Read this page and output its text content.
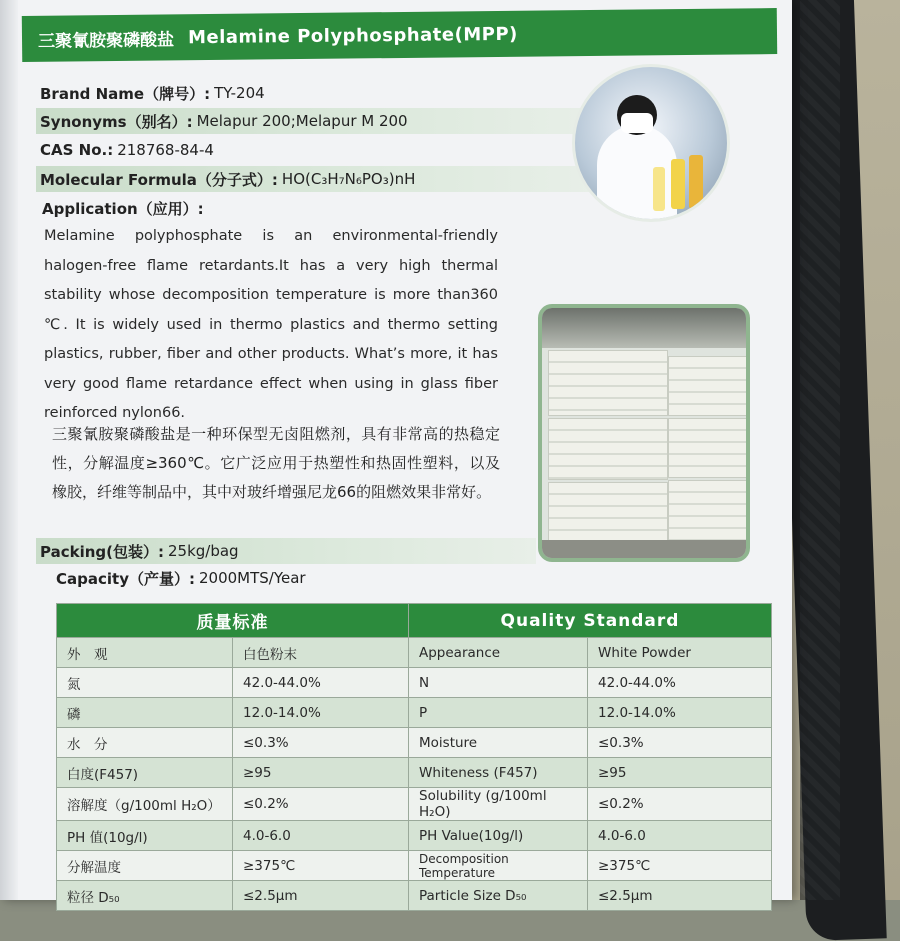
三聚氰胺聚磷酸盐 Melamine Polyphosphate(MPP)
Brand Name（牌号）: TY-204
Synonyms（别名）: Melapur 200;Melapur M 200
CAS No.: 218768-84-4
Molecular Formula（分子式）: HO(C₃H₇N₆PO₃)nH
Application（应用）:
Melamine polyphosphate is an environmental-friendly halogen-free flame retardants.It has a very high thermal stability whose decomposition temperature is more than360 ℃. It is widely used in thermo plastics and thermo setting plastics, rubber, fiber and other products. What’s more, it has very good flame retardance effect when using in glass fiber reinforced nylon66.
三聚氰胺聚磷酸盐是一种环保型无卤阻燃剂，具有非常高的热稳定性，分解温度≥360℃。它广泛应用于热塑性和热固性塑料，以及橡胶，纤维等制品中，其中对玻纤增强尼龙66的阻燃效果非常好。
Packing(包装）: 25kg/bag
Capacity（产量）: 2000MTS/Year
质量标准		Quality Standard	
外　观	白色粉末	Appearance	White Powder
氮	42.0-44.0%	N	42.0-44.0%
磷	12.0-14.0%	P	12.0-14.0%
水　分	≤0.3%	Moisture	≤0.3%
白度(F457)	≥95	Whiteness (F457)	≥95
溶解度（g/100ml H₂O）	≤0.2%	Solubility (g/100ml H₂O)	≤0.2%
PH 值(10g/l)	4.0-6.0	PH Value(10g/l)	4.0-6.0
分解温度	≥375℃	Decomposition Temperature	≥375℃
粒径 D₅₀	≤2.5μm	Particle Size D₅₀	≤2.5μm
